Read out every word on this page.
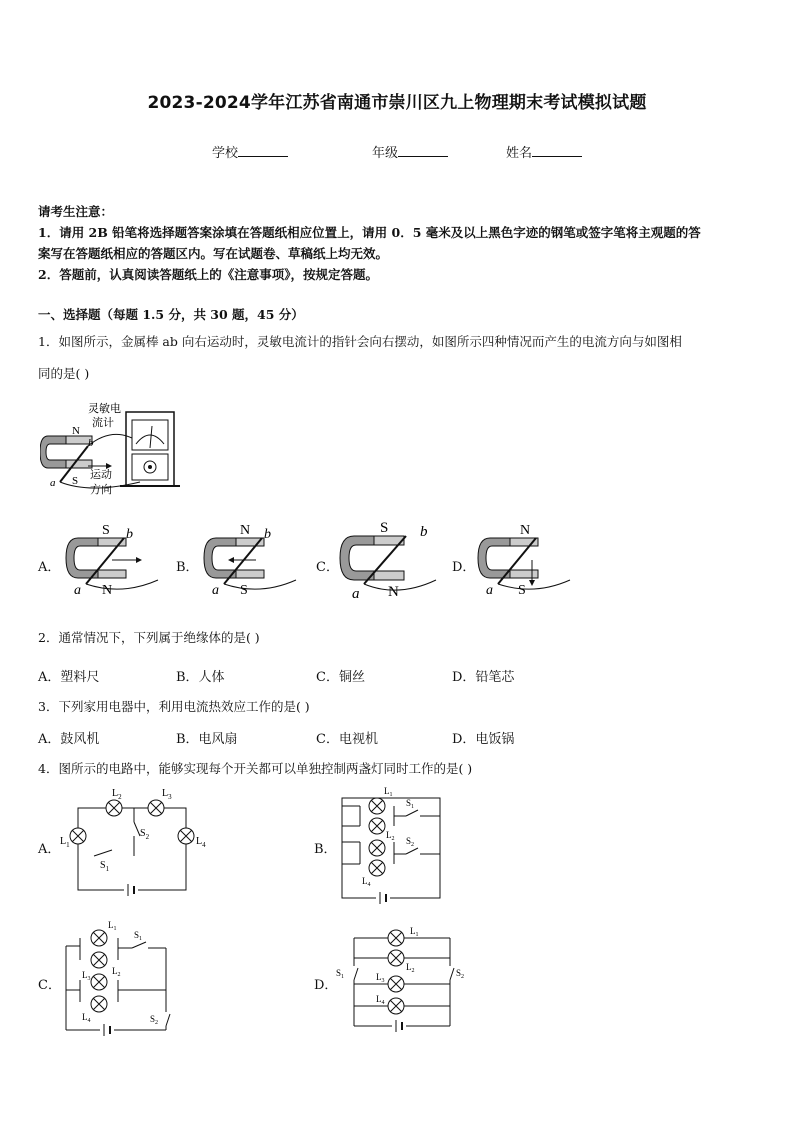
2023-2024学年江苏省南通市崇川区九上物理期末考试模拟试题
学校	年级	姓名
请考生注意：
1．请用 2B 铅笔将选择题答案涂填在答题纸相应位置上，请用 0．5 毫米及以上黑色字迹的钢笔或签字笔将主观题的答
案写在答题纸相应的答题区内。写在试题卷、草稿纸上均无效。
2．答题前，认真阅读答题纸上的《注意事项》，按规定答题。
一、选择题（每题 1.5 分，共 30 题，45 分）
1．如图所示，金属棒 ab 向右运动时，灵敏电流计的指针会向右摆动，如图所示四种情况而产生的电流方向与如图相
同的是( )
灵敏电
流计
N
S
b
a
运动
方向
A．	B．	C．	D．
S
N
a
b	N
S
a
b	S
N
a
b	N
S
a
2．通常情况下，下列属于绝缘体的是( )
A．塑料尺	B．人体	C．铜丝	D．铅笔芯
3．下列家用电器中，利用电流热效应工作的是( )
A．鼓风机	B．电风扇	C．电视机	D．电饭锅
4．图所示的电路中，能够实现每个开关都可以单独控制两盏灯同时工作的是( )
A．	B．
C．	D．
$L_1$
$L_2$	$L_3$
$L_4$
$S_2$
$S_1$
$L_1$
$L_2$
$S_1$
$S_2$
$L_4$
$L_1$
$L_2$
$L_3$
$L_4$
$S_1$
$S_2$
$L_1$
$L_2$
$L_3$
$L_4$
$S_1$	$S_2$
